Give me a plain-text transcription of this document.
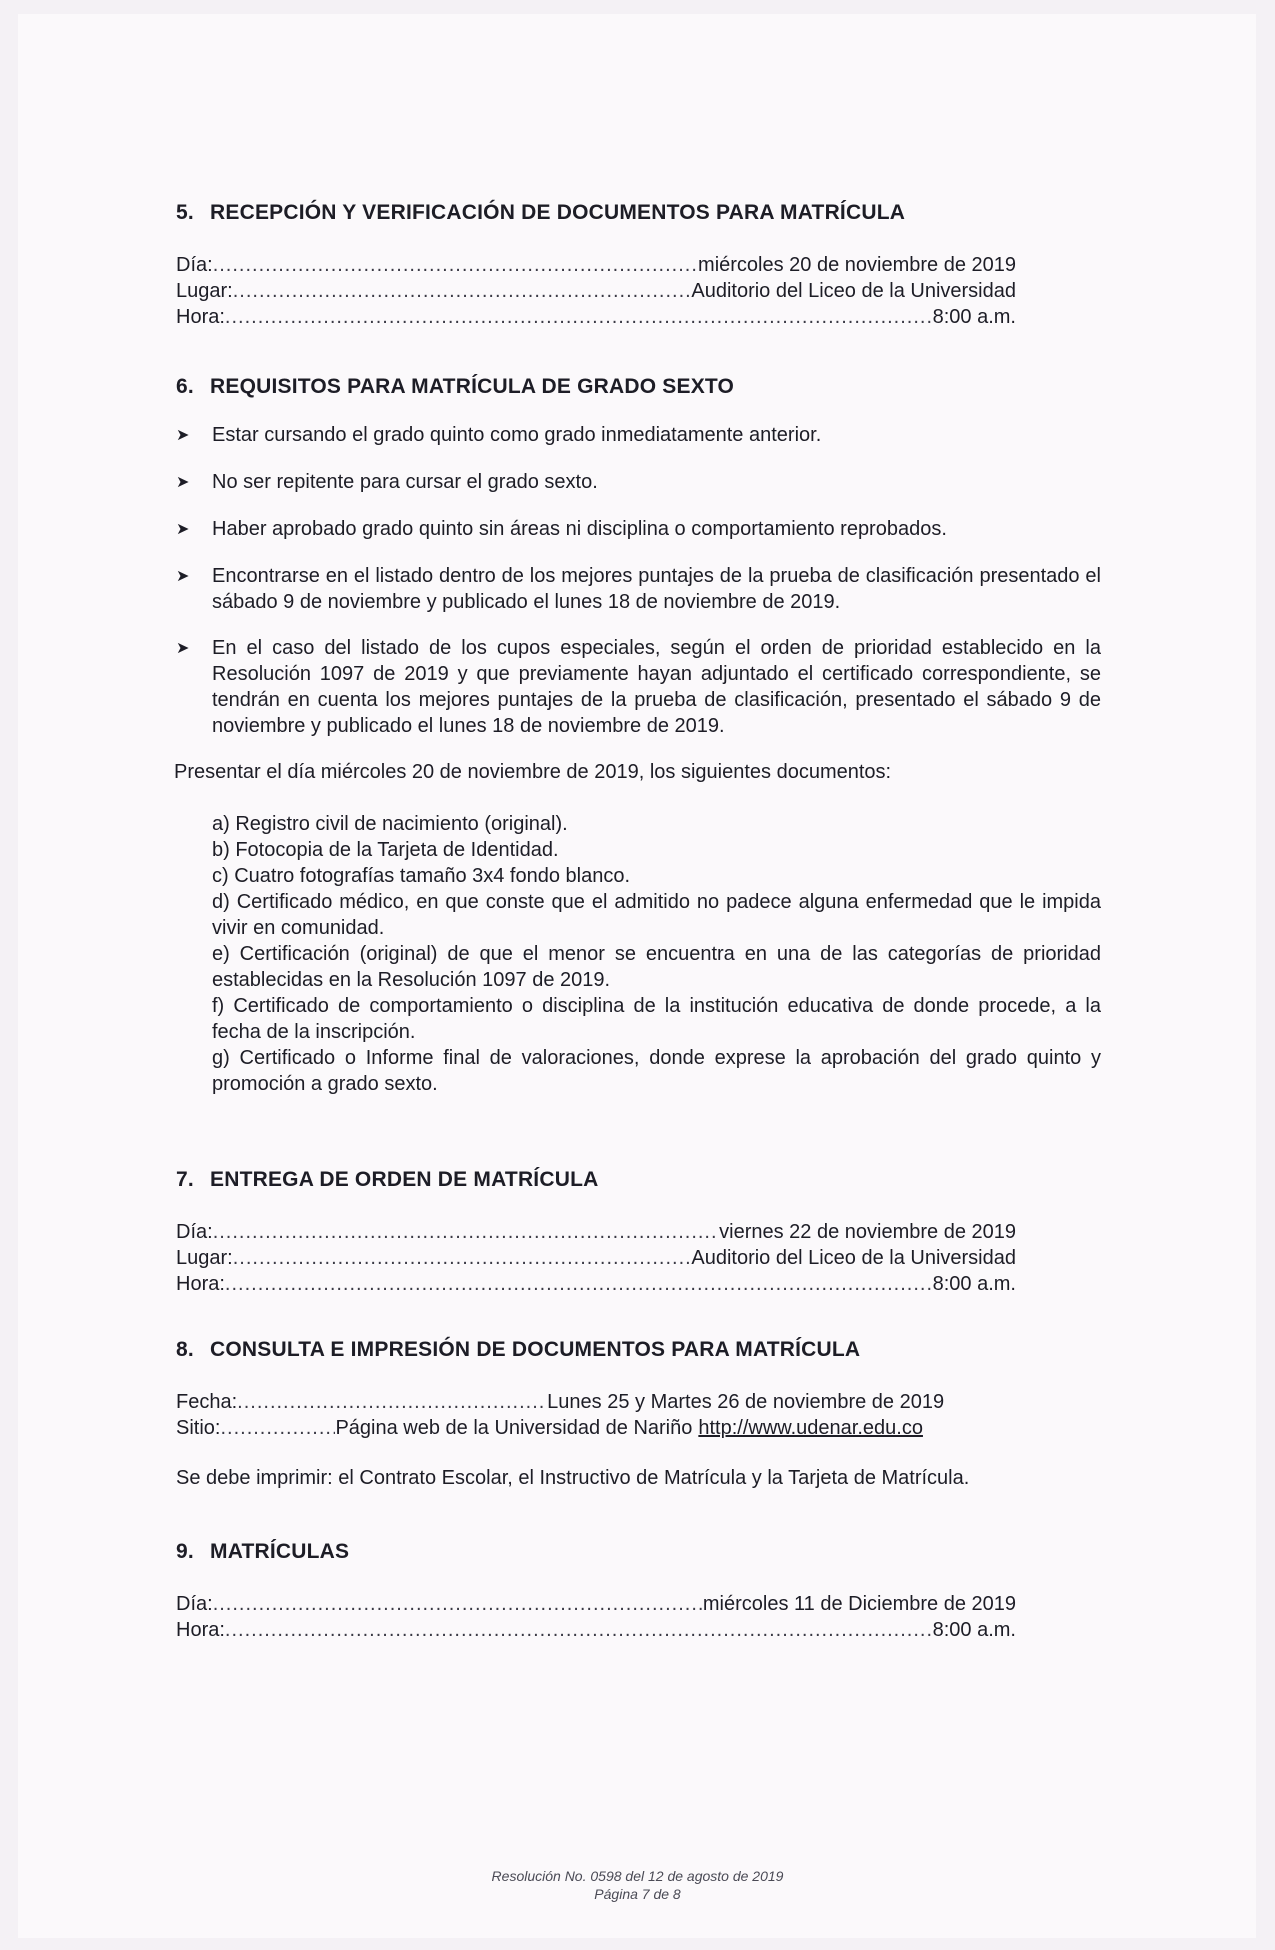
5. RECEPCIÓN Y VERIFICACIÓN DE DOCUMENTOS PARA MATRÍCULA
Día: .....	miércoles 20 de noviembre de 2019
Lugar: .....	Auditorio del Liceo de la Universidad
Hora: .....	8:00 a.m.
6. REQUISITOS PARA MATRÍCULA DE GRADO SEXTO
➤	Estar cursando el grado quinto como grado inmediatamente anterior.
➤	No ser repitente para cursar el grado sexto.
➤	Haber aprobado grado quinto sin áreas ni disciplina o comportamiento reprobados.
➤	Encontrarse en el listado dentro de los mejores puntajes de la prueba de clasificación presentado el sábado 9 de noviembre y publicado el lunes 18 de noviembre de 2019.
➤	En el caso del listado de los cupos especiales, según el orden de prioridad establecido en la Resolución 1097 de 2019 y que previamente hayan adjuntado el certificado correspondiente, se tendrán en cuenta los mejores puntajes de la prueba de clasificación, presentado el sábado 9 de noviembre y publicado el lunes 18 de noviembre de 2019.

Presentar el día miércoles 20 de noviembre de 2019, los siguientes documentos:

a) Registro civil de nacimiento (original).
b) Fotocopia de la Tarjeta de Identidad.
c) Cuatro fotografías tamaño 3x4 fondo blanco.
d) Certificado médico, en que conste que el admitido no padece alguna enfermedad que le impida vivir en comunidad.
e) Certificación (original) de que el menor se encuentra en una de las categorías de prioridad establecidas en la Resolución 1097 de 2019.
f) Certificado de comportamiento o disciplina de la institución educativa de donde procede, a la fecha de la inscripción.
g) Certificado o Informe final de valoraciones, donde exprese la aprobación del grado quinto y promoción a grado sexto.
7. ENTREGA DE ORDEN DE MATRÍCULA
Día: .....	viernes 22 de noviembre de 2019
Lugar: .....	Auditorio del Liceo de la Universidad
Hora: .....	8:00 a.m.
8. CONSULTA E IMPRESIÓN DE DOCUMENTOS PARA MATRÍCULA
Fecha: .....	Lunes 25 y Martes 26 de noviembre de 2019
Sitio: .....	Página web de la Universidad de Nariño http://www.udenar.edu.co

Se debe imprimir: el Contrato Escolar, el Instructivo de Matrícula y la Tarjeta de Matrícula.

9. MATRÍCULAS
Día: .....	miércoles 11 de Diciembre de 2019
Hora: .....	8:00 a.m.
Resolución No. 0598 del 12 de agosto de 2019
Página 7 de 8
